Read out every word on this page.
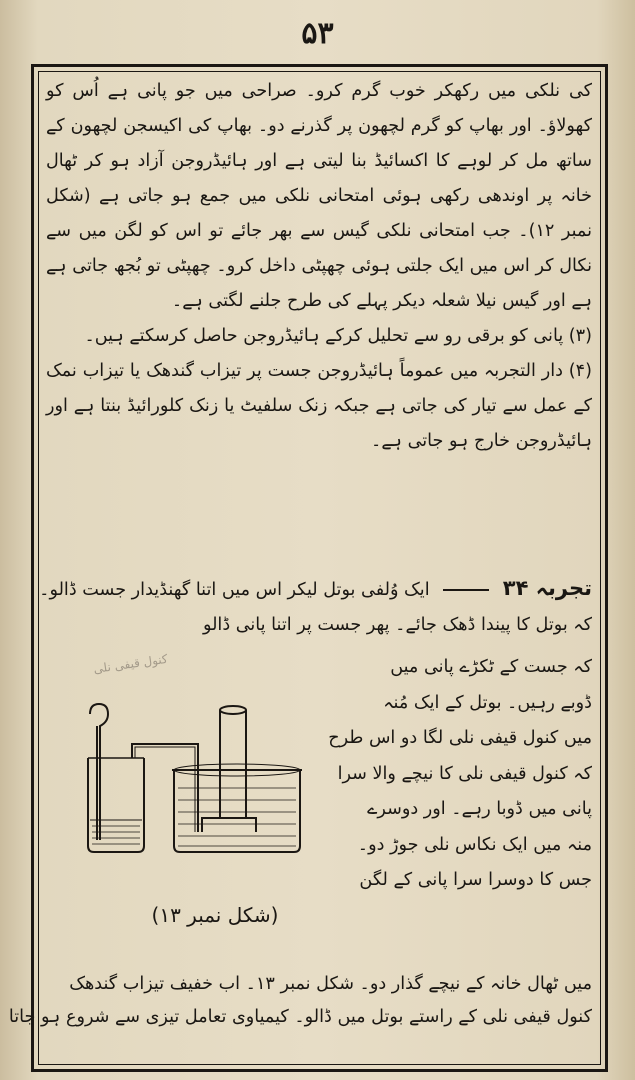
۵۳

کی نلکی میں رکھکر خوب گرم کرو۔ صراحی میں جو پانی ہے اُس کو کھولاؤ۔ اور بھاپ کو گرم لچھون پر گذرنے دو۔ بھاپ کی اکیسجن لچھون کے ساتھ مل کر لوہے کا اکسائیڈ بنا لیتی ہے اور ہائیڈروجن آزاد ہو کر ٹھال خانہ پر اوندھی رکھی ہوئی امتحانی نلکی میں جمع ہو جاتی ہے (شکل نمبر ۱۲)۔ جب امتحانی نلکی گیس سے بھر جائے تو اس کو لگن میں سے نکال کر اس میں ایک جلتی ہوئی چھپٹی داخل کرو۔ چھپٹی تو بُجھ جاتی ہے ہے اور گیس نیلا شعلہ دیکر پہلے کی طرح جلنے لگتی ہے۔

(۳) پانی کو برقی رو سے تحلیل کرکے ہائیڈروجن حاصل کرسکتے ہیں۔

(۴) دار التجربہ میں عموماً ہائیڈروجن جست پر تیزاب گندھک یا تیزاب نمک کے عمل سے تیار کی جاتی ہے جبکہ زنک سلفیٹ یا زنک کلورائیڈ بنتا ہے اور ہائیڈروجن خارج ہو جاتی ہے۔

تجربہ ۳۴  ایک وُلفی بوتل لیکر اس میں اتنا گھنڈیدار جست ڈالو۔
کہ بوتل کا پیندا ڈھک جائے۔ پھر جست پر اتنا پانی ڈالو
کنول قیفی نلی	کہ جست کے ٹکڑے پانی میں

ڈوبے رہیں۔ بوتل کے ایک مُنہ

میں کنول قیفی نلی لگا دو اس طرح

کہ کنول قیفی نلی کا نیچے والا سرا

پانی میں ڈوبا رہے۔ اور دوسرے

منہ میں ایک نکاس نلی جوڑ دو۔

جس کا دوسرا سرا پانی کے لگن

(شکل نمبر ۱۳)

میں ٹھال خانہ کے نیچے گذار دو۔ شکل نمبر ۱۳۔ اب خفیف تیزاب گندھک

کنول قیفی نلی کے راستے بوتل میں ڈالو۔ کیمیاوی تعامل تیزی سے شروع ہو جاتا
